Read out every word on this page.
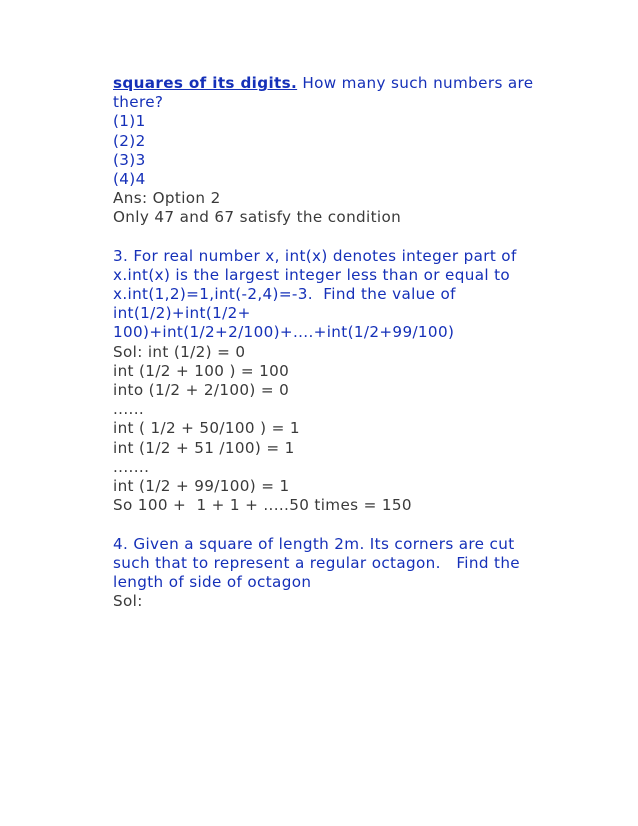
squares of its digits. How many such numbers are
there?
(1)1
(2)2
(3)3
(4)4
Ans: Option 2
Only 47 and 67 satisfy the condition
3. For real number x, int(x) denotes integer part of
x.int(x) is the largest integer less than or equal to
x.int(1,2)=1,int(-2,4)=-3.  Find the value of
int(1/2)+int(1/2+
100)+int(1/2+2/100)+....+int(1/2+99/100)
Sol: int (1/2) = 0
int (1/2 + 100 ) = 100
into (1/2 + 2/100) = 0
......
int ( 1/2 + 50/100 ) = 1
int (1/2 + 51 /100) = 1
.......
int (1/2 + 99/100) = 1
So 100 +  1 + 1 + .....50 times = 150
4. Given a square of length 2m. Its corners are cut
such that to represent a regular octagon.   Find the
length of side of octagon
Sol:
